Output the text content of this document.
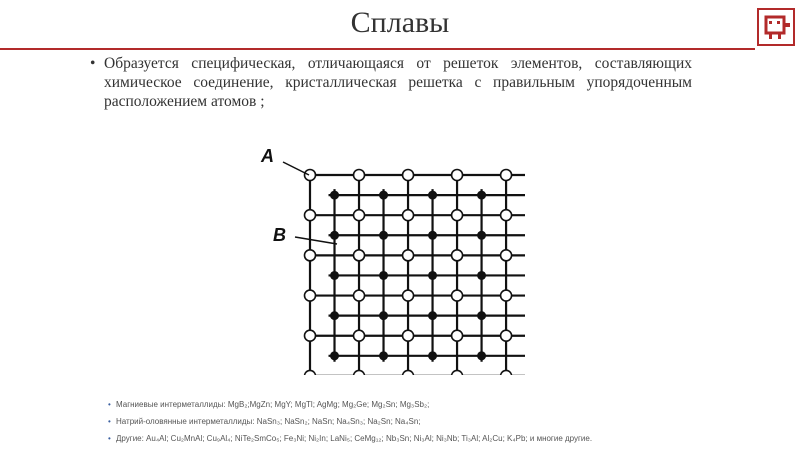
Сплавы
• Образуется специфическая, отличающаяся от решеток элементов, составляющих химическое соединение, кристаллическая решетка с правильным упорядоченным расположением атомов ;
A
B
• Магниевые интерметаллиды: MgB₂;MgZn; MgY; MgTl; AgMg; Mg₂Ge; Mg₂Sn; Mg₃Sb₂;
• Натрий-оловянные интерметаллиды: NaSn₃; NaSn₂; NaSn; Na₄Sn₃; Na₂Sn; Na₄Sn;
• Другие: Au₄Al; Cu₂MnAl; Cu₉Al₄; NiTe₂SmCo₅; Fe₃Ni; Ni₂In; LaNi₅; CeMg₁₂; Nb₃Sn; Ni₃Al; Ni₃Nb; Ti₃Al; Al₂Cu; K₄Pb; и многие другие.
